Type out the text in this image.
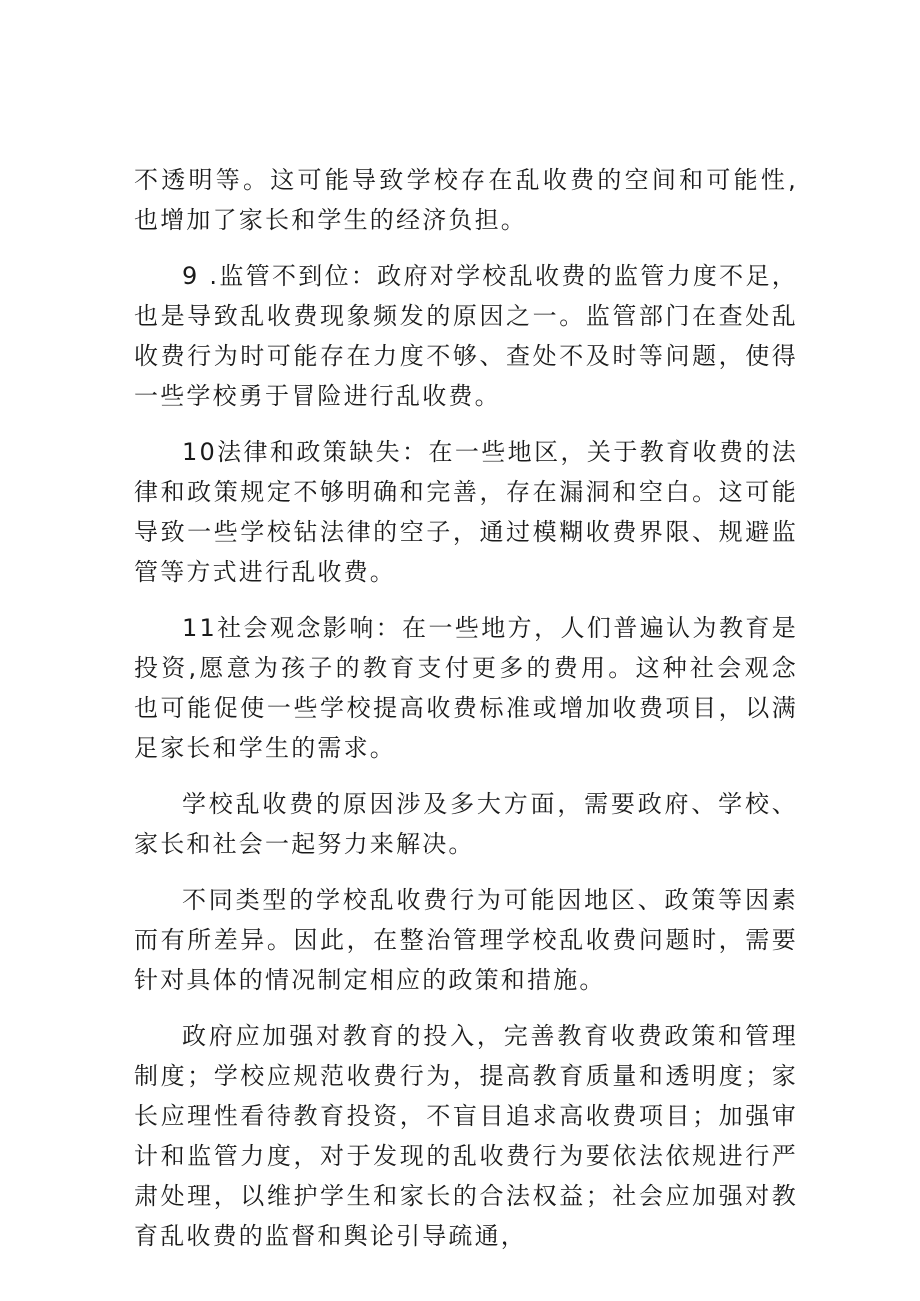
不透明等。这可能导致学校存在乱收费的空间和可能性,也增加了家长和学生的经济负担。

9 .监管不到位：政府对学校乱收费的监管力度不足，也是导致乱收费现象频发的原因之一。监管部门在查处乱收费行为时可能存在力度不够、查处不及时等问题，使得一些学校勇于冒险进行乱收费。

10法律和政策缺失：在一些地区，关于教育收费的法律和政策规定不够明确和完善，存在漏洞和空白。这可能导致一些学校钻法律的空子，通过模糊收费界限、规避监管等方式进行乱收费。

11社会观念影响：在一些地方，人们普遍认为教育是投资,愿意为孩子的教育支付更多的费用。这种社会观念也可能促使一些学校提高收费标准或增加收费项目，以满足家长和学生的需求。

学校乱收费的原因涉及多大方面，需要政府、学校、家长和社会一起努力来解决。

不同类型的学校乱收费行为可能因地区、政策等因素而有所差异。因此，在整治管理学校乱收费问题时，需要针对具体的情况制定相应的政策和措施。

政府应加强对教育的投入，完善教育收费政策和管理制度；学校应规范收费行为，提高教育质量和透明度；家长应理性看待教育投资，不盲目追求高收费项目；加强审计和监管力度，对于发现的乱收费行为要依法依规进行严肃处理，以维护学生和家长的合法权益；社会应加强对教育乱收费的监督和舆论引导疏通，
